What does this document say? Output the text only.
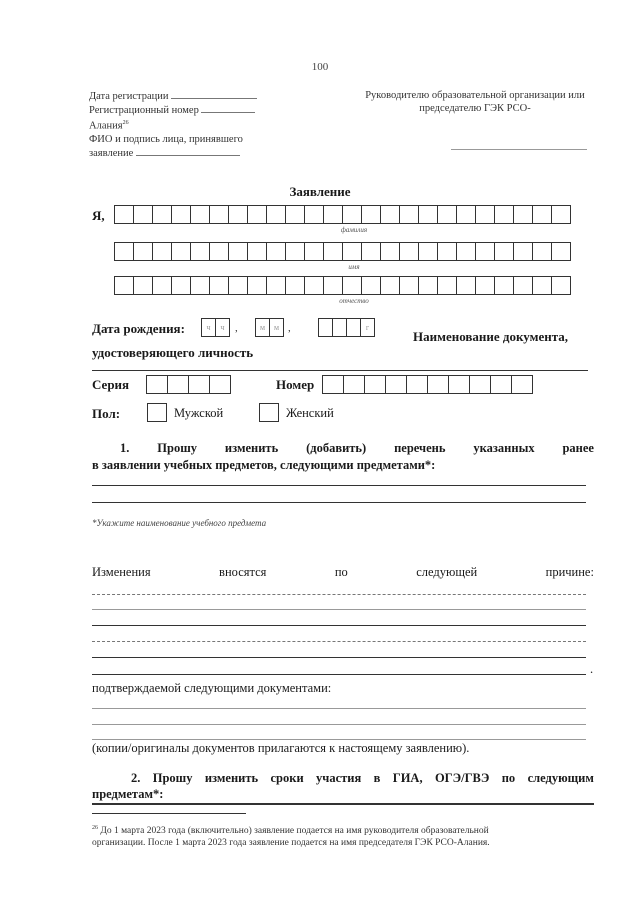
100
Дата регистрации
Регистрационный номер
Алания$^{26}$
ФИО и подпись лица, принявшего
заявление
Руководителю образовательной организации или
председателю ГЭК РСО-
Заявление
Я,
фамилия
имя
отчество
Дата рождения:	ч	ч ,	м	м ,	г
Наименование документа,
удостоверяющего личность
Серия	Номер
Пол:	Мужской	Женский
1. Прошу изменить (добавить) перечень указанных ранее
в заявлении учебных предметов, следующими предметами*:
*Укажите наименование учебного предмета
Изменения	вносятся	по	следующей	причине:
.
подтверждаемой следующими документами:
(копии/оригиналы документов прилагаются к настоящему заявлению).
2. Прошу изменить сроки участия в ГИА, ОГЭ/ГВЭ по следующим
предметам*:
$^{26}$ До 1 марта 2023 года (включительно) заявление подается на имя руководителя образовательной
организации. После 1 марта 2023 года заявление подается на имя председателя ГЭК РСО-Алания.
